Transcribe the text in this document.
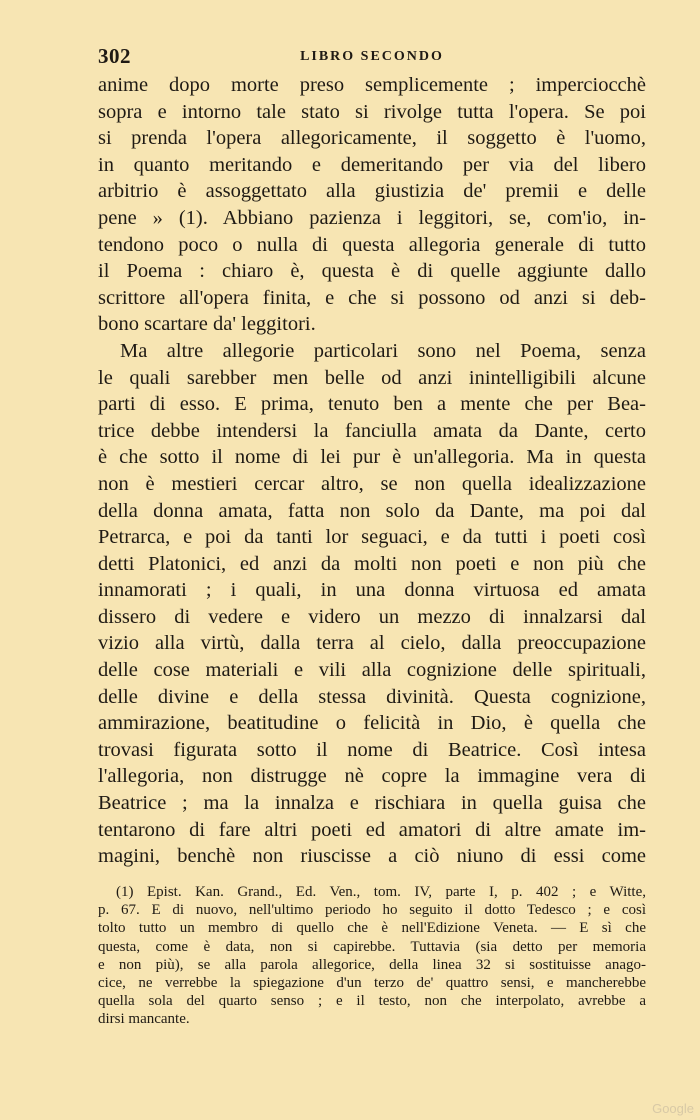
302	LIBRO SECONDO
anime dopo morte preso semplicemente ; imperciocchè
sopra e intorno tale stato si rivolge tutta l'opera. Se poi
si prenda l'opera allegoricamente, il soggetto è l'uomo,
in quanto meritando e demeritando per via del libero
arbitrio è assoggettato alla giustizia de' premii e delle
pene » (1). Abbiano pazienza i leggitori, se, com'io, in-
tendono poco o nulla di questa allegoria generale di tutto
il Poema : chiaro è, questa è di quelle aggiunte dallo
scrittore all'opera finita, e che si possono od anzi si deb-
bono scartare da' leggitori.
Ma altre allegorie particolari sono nel Poema, senza
le quali sarebber men belle od anzi inintelligibili alcune
parti di esso. E prima, tenuto ben a mente che per Bea-
trice debbe intendersi la fanciulla amata da Dante, certo
è che sotto il nome di lei pur è un'allegoria. Ma in questa
non è mestieri cercar altro, se non quella idealizzazione
della donna amata, fatta non solo da Dante, ma poi dal
Petrarca, e poi da tanti lor seguaci, e da tutti i poeti così
detti Platonici, ed anzi da molti non poeti e non più che
innamorati ; i quali, in una donna virtuosa ed amata
dissero di vedere e videro un mezzo di innalzarsi dal
vizio alla virtù, dalla terra al cielo, dalla preoccupazione
delle cose materiali e vili alla cognizione delle spirituali,
delle divine e della stessa divinità. Questa cognizione,
ammirazione, beatitudine o felicità in Dio, è quella che
trovasi figurata sotto il nome di Beatrice. Così intesa
l'allegoria, non distrugge nè copre la immagine vera di
Beatrice ; ma la innalza e rischiara in quella guisa che
tentarono di fare altri poeti ed amatori di altre amate im-
magini, benchè non riuscisse a ciò niuno di essi come
(1) Epist. Kan. Grand., Ed. Ven., tom. IV, parte I, p. 402 ; e Witte,
p. 67. E di nuovo, nell'ultimo periodo ho seguito il dotto Tedesco ; e così
tolto tutto un membro di quello che è nell'Edizione Veneta. — E sì che
questa, come è data, non si capirebbe. Tuttavia (sia detto per memoria
e non più), se alla parola allegorice, della linea 32 si sostituisse anago-
cice, ne verrebbe la spiegazione d'un terzo de' quattro sensi, e mancherebbe
quella sola del quarto senso ; e il testo, non che interpolato, avrebbe a
dirsi mancante.
Google
